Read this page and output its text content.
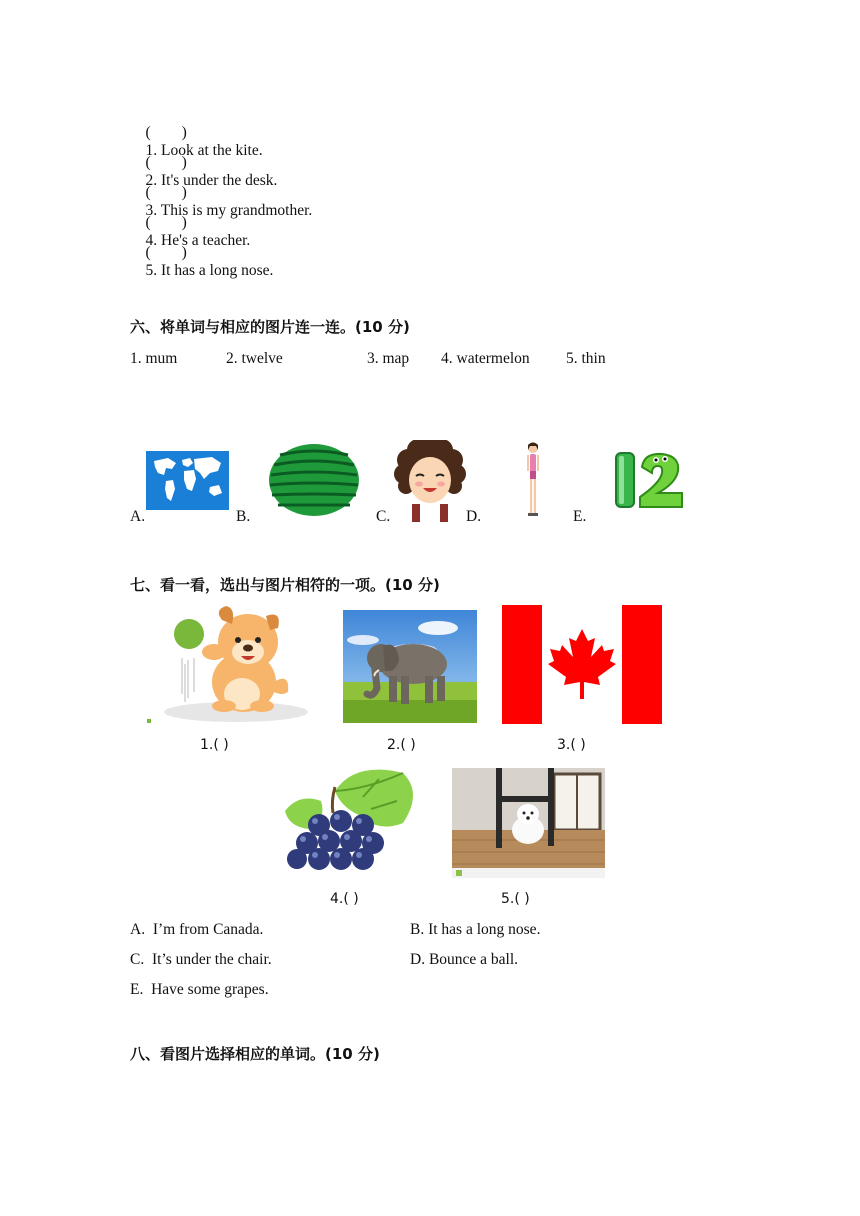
(        )
1. Look at the kite.

(        )
2. It's under the desk.

(        )
3. This is my grandmother.

(        )
4. He's a teacher.

(        )
5. It has a long nose.

六、将单词与相应的图片连一连。(10 分)
1. mum	2. twelve	3. map 4. watermelon 5. thin
A.	B.	C.	D.	E.
七、看一看，选出与图片相符的一项。(10 分)
1.( )	2.( )	3.( )
4.( )	5.( )
A.  I’m from Canada.	B. It has a long nose.
C.  It’s under the chair.	D. Bounce a ball.
E.  Have some grapes.
八、看图片选择相应的单词。(10 分)
